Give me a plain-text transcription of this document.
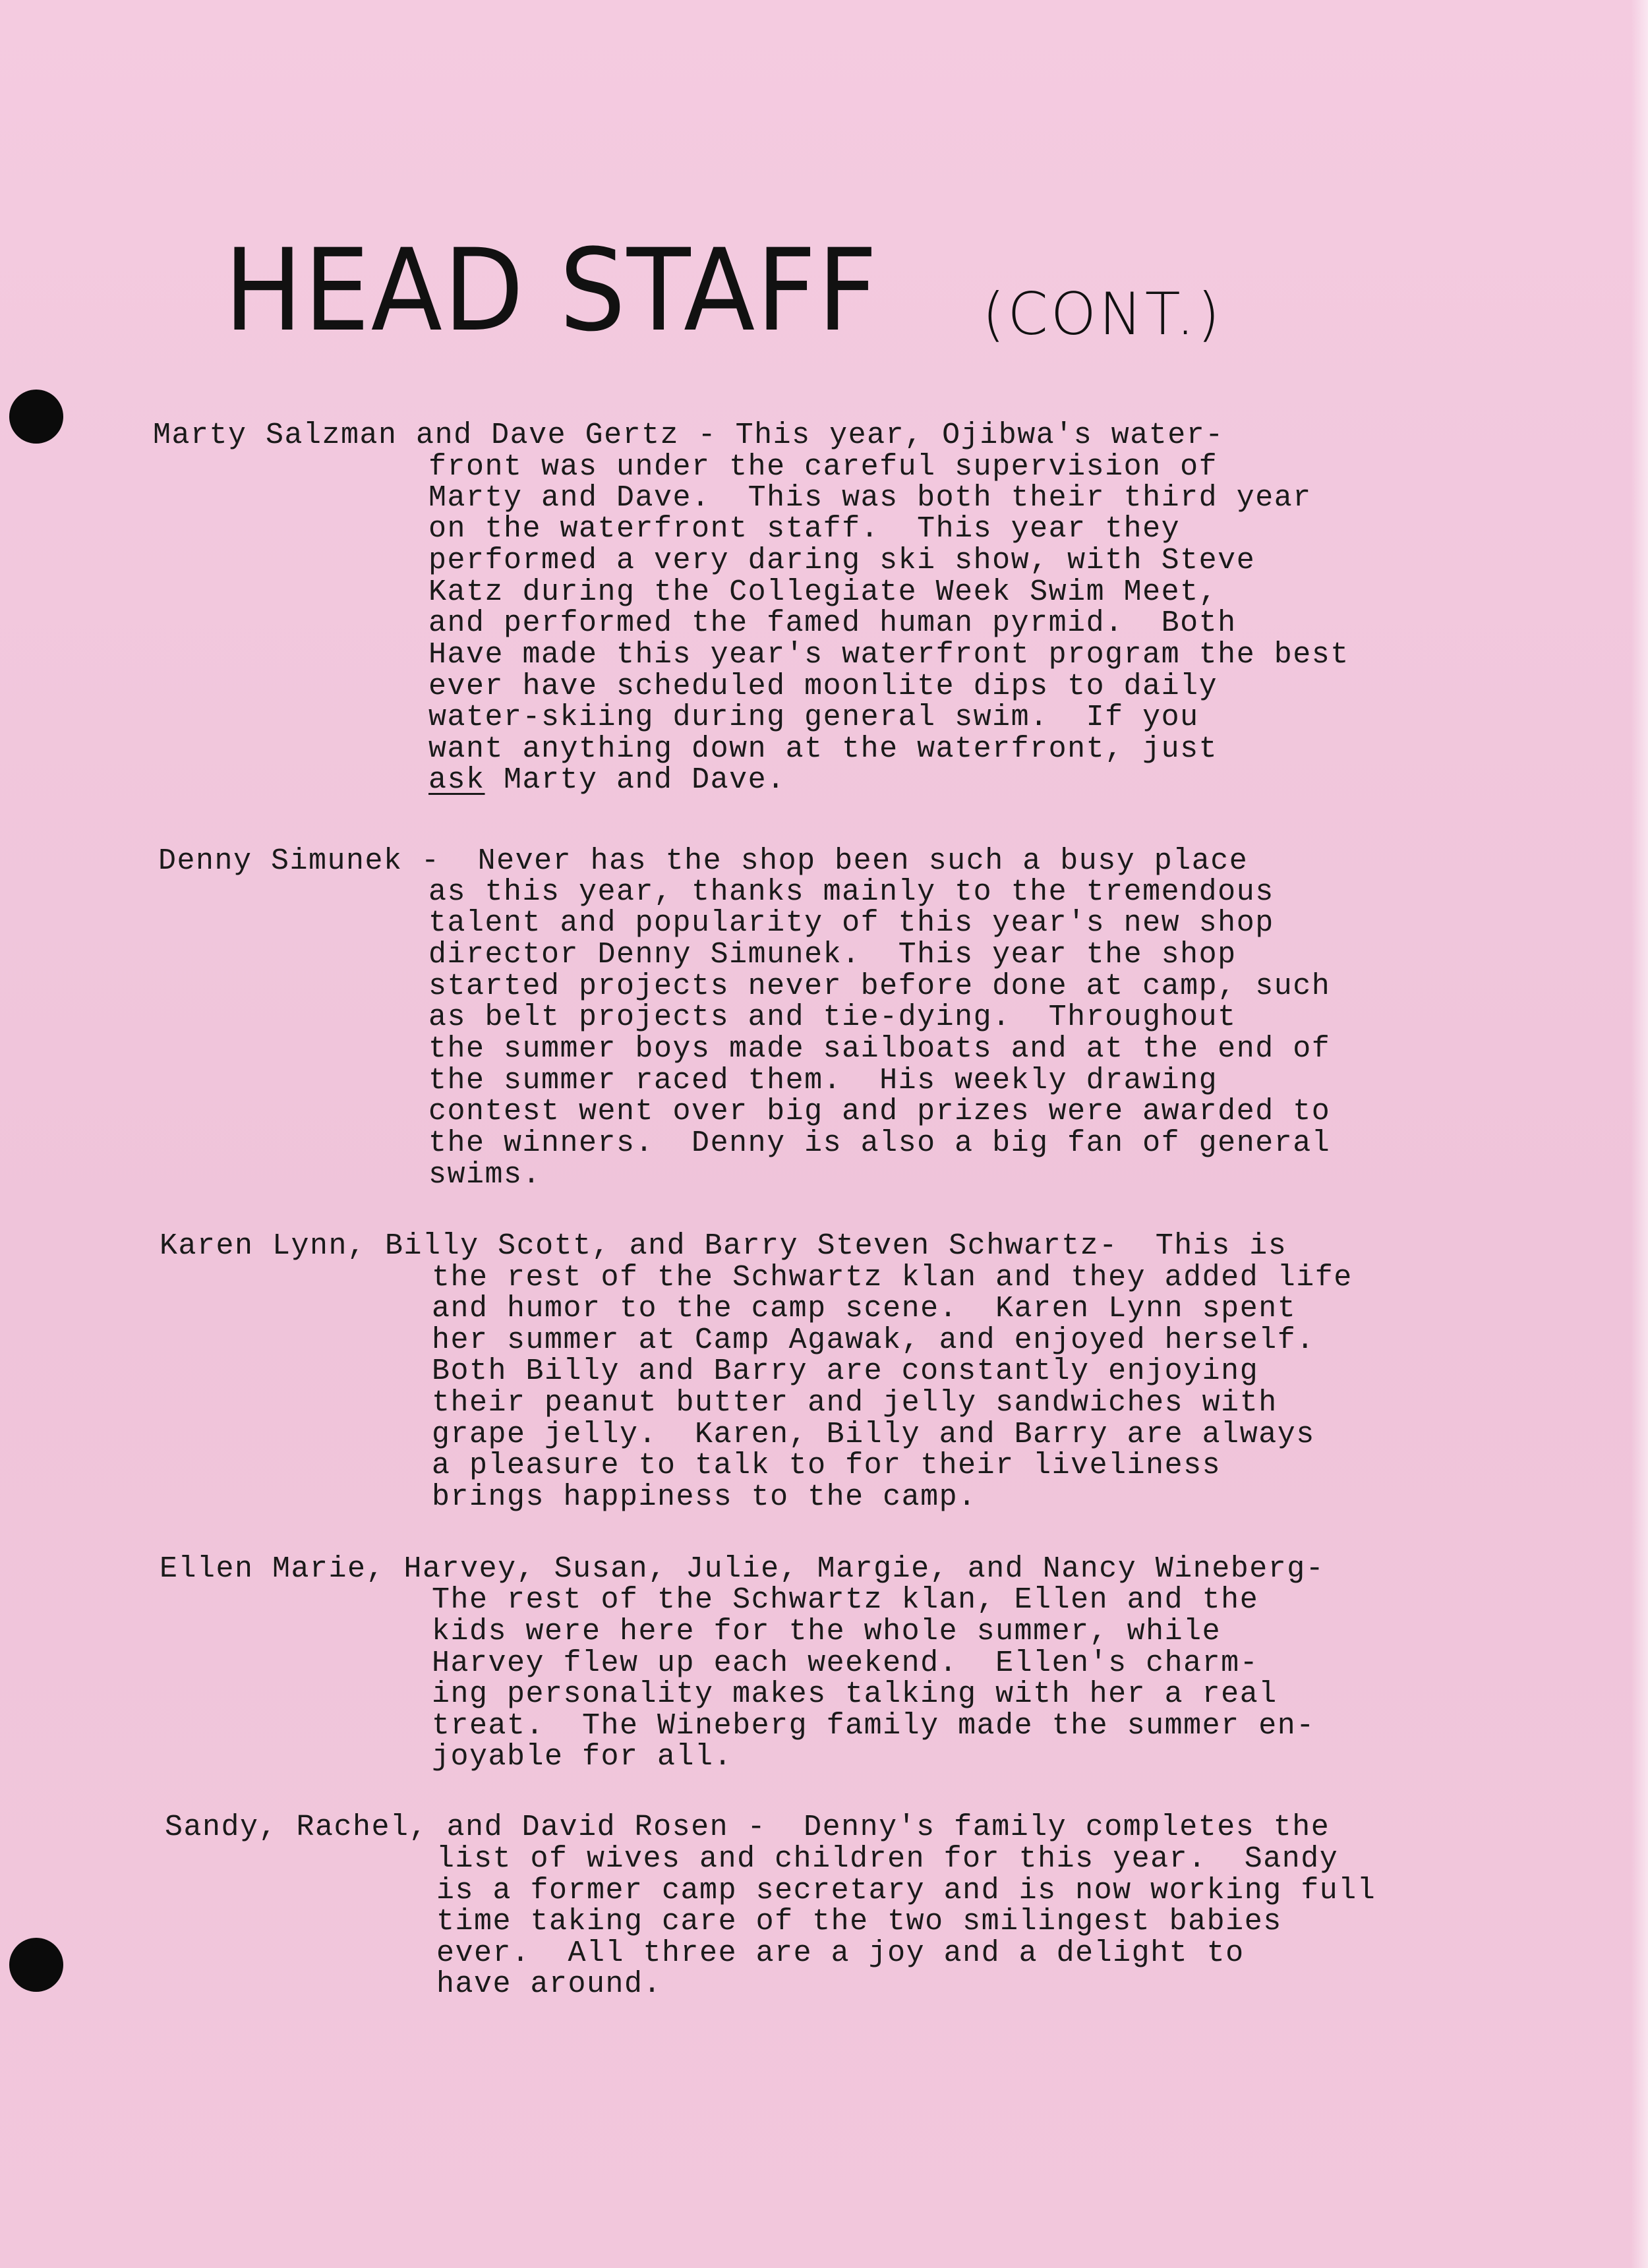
HEAD STAFF (CONT.)
Marty Salzman and Dave Gertz - This year, Ojibwa's water-
front was under the careful supervision of
Marty and Dave.  This was both their third year
on the waterfront staff.  This year they
performed a very daring ski show, with Steve
Katz during the Collegiate Week Swim Meet,
and performed the famed human pyrmid.  Both
Have made this year's waterfront program the best
ever have scheduled moonlite dips to daily
water-skiing during general swim.  If you
want anything down at the waterfront, just
ask Marty and Dave.
Denny Simunek -  Never has the shop been such a busy place
as this year, thanks mainly to the tremendous
talent and popularity of this year's new shop
director Denny Simunek.  This year the shop
started projects never before done at camp, such
as belt projects and tie-dying.  Throughout
the summer boys made sailboats and at the end of
the summer raced them.  His weekly drawing
contest went over big and prizes were awarded to
the winners.  Denny is also a big fan of general
swims.
Karen Lynn, Billy Scott, and Barry Steven Schwartz-  This is
the rest of the Schwartz klan and they added life
and humor to the camp scene.  Karen Lynn spent
her summer at Camp Agawak, and enjoyed herself.
Both Billy and Barry are constantly enjoying
their peanut butter and jelly sandwiches with
grape jelly.  Karen, Billy and Barry are always
a pleasure to talk to for their liveliness
brings happiness to the camp.
Ellen Marie, Harvey, Susan, Julie, Margie, and Nancy Wineberg-
The rest of the Schwartz klan, Ellen and the
kids were here for the whole summer, while
Harvey flew up each weekend.  Ellen's charm-
ing personality makes talking with her a real
treat.  The Wineberg family made the summer en-
joyable for all.
Sandy, Rachel, and David Rosen -  Denny's family completes the
list of wives and children for this year.  Sandy
is a former camp secretary and is now working full
time taking care of the two smilingest babies
ever.  All three are a joy and a delight to
have around.
